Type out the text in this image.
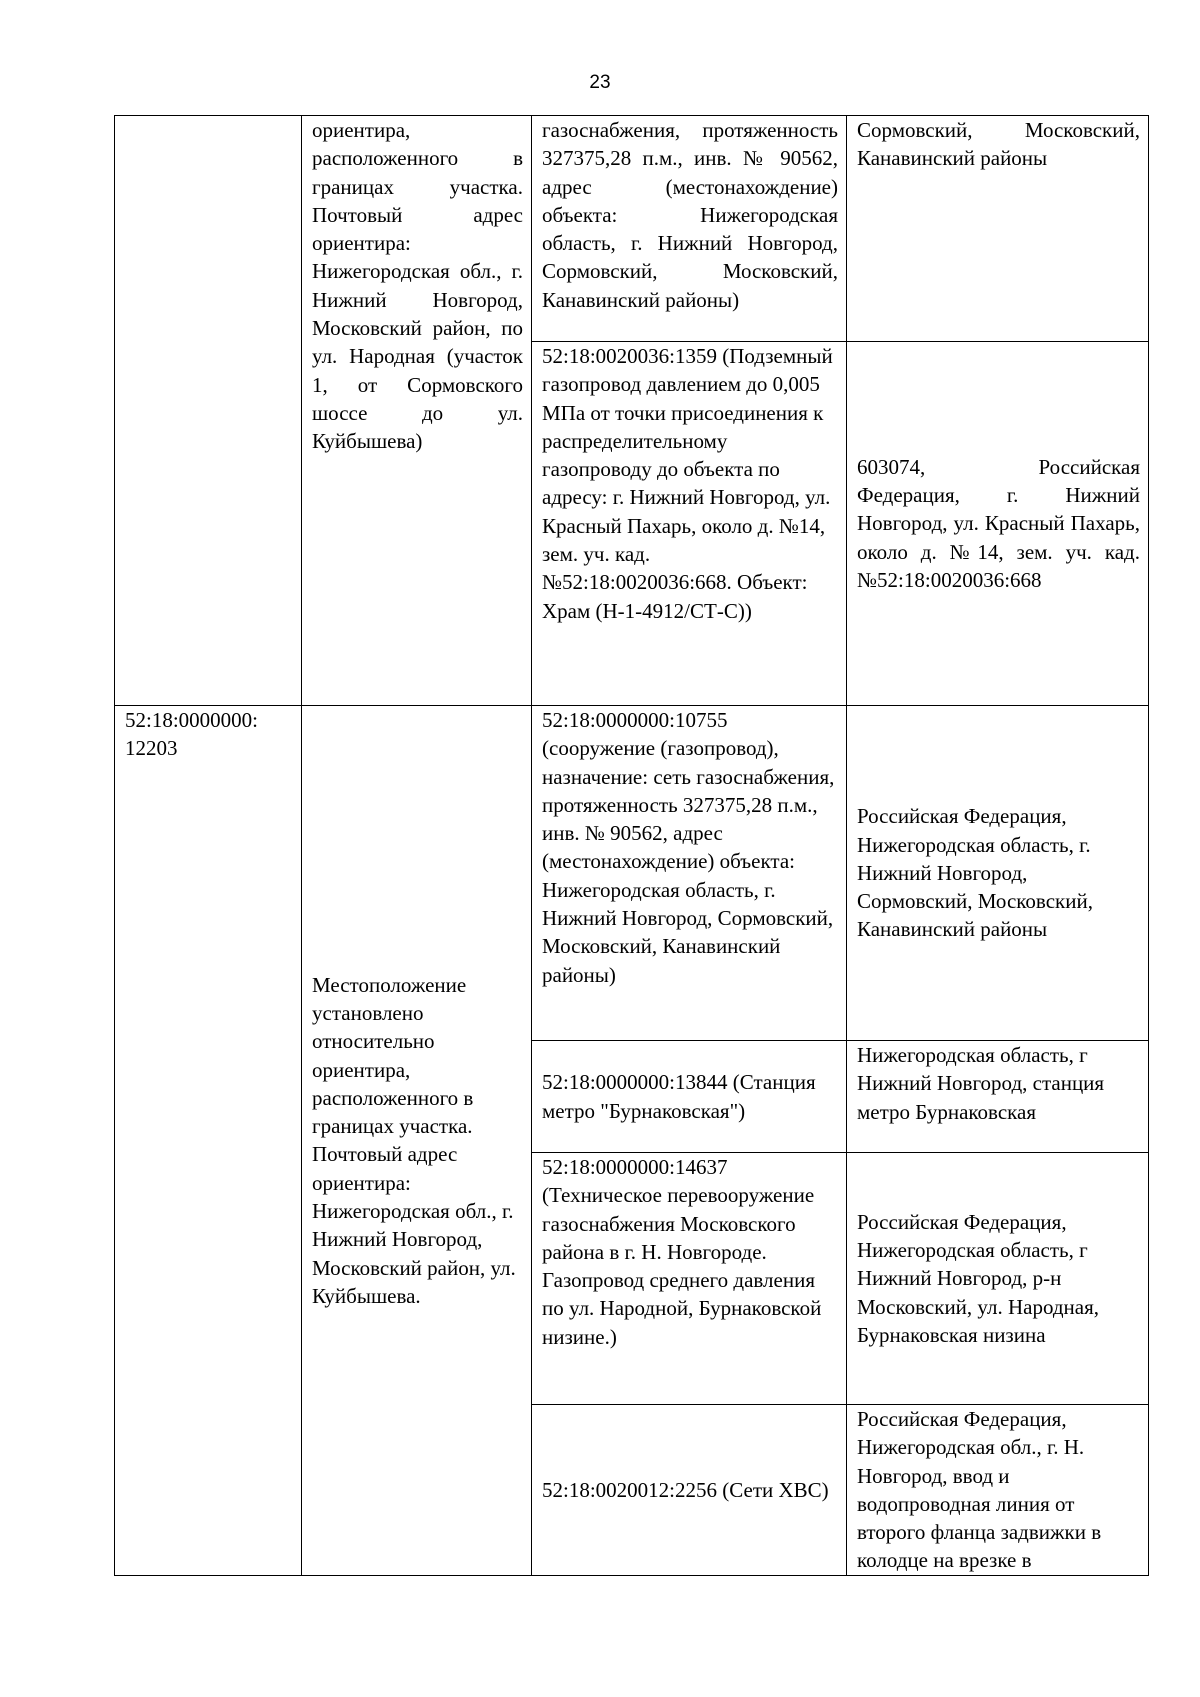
23
	ориентира, расположенного в границах участка. Почтовый адрес ориентира: Нижегородская обл., г. Нижний Новгород, Московский район, по ул. Народная (участок 1, от Сормовского шоссе до ул. Куйбышева)	газоснабжения, протяженность 327375,28 п.м., инв. № 90562, адрес (местонахождение) объекта: Нижегородская область, г. Нижний Новгород, Сормовский, Московский, Канавинский районы)	Сормовский, Московский, Канавинский районы
		52:18:0020036:1359 (Подземный газопровод давлением до 0,005 МПа от точки присоединения к распределительному газопроводу до объекта по адресу: г. Нижний Новгород, ул. Красный Пахарь, около д. №14, зем. уч. кад. №52:18:0020036:668. Объект: Храм (Н-1-4912/СТ-С))	603074, Российская Федерация, г. Нижний Новгород, ул. Красный Пахарь, около д. №14, зем. уч. кад.
№52:18:0020036:668

52:18:0000000: 12203	Местоположение установлено относительно ориентира, расположенного в границах участка. Почтовый адрес ориентира: Нижегородская обл., г. Нижний Новгород, Московский район, ул. Куйбышева.	52:18:0000000:10755 (сооружение (газопровод), назначение: сеть газоснабжения, протяженность 327375,28 п.м., инв. № 90562, адрес (местонахождение) объекта: Нижегородская область, г. Нижний Новгород, Сормовский, Московский, Канавинский районы)	Российская Федерация, Нижегородская область, г. Нижний Новгород, Сормовский, Московский, Канавинский районы
		52:18:0000000:13844 (Станция метро "Бурнаковская")	Нижегородская область, г Нижний Новгород, станция метро Бурнаковская
		52:18:0000000:14637 (Техническое перевооружение газоснабжения Московского района в г. Н. Новгороде. Газопровод среднего давления по ул. Народной, Бурнаковской низине.)	Российская Федерация, Нижегородская область, г Нижний Новгород, р-н Московский, ул. Народная, Бурнаковская низина
		52:18:0020012:2256 (Сети ХВС)	Российская Федерация, Нижегородская обл., г. Н. Новгород, ввод и водопроводная линия от второго фланца задвижки в колодце на врезке в
